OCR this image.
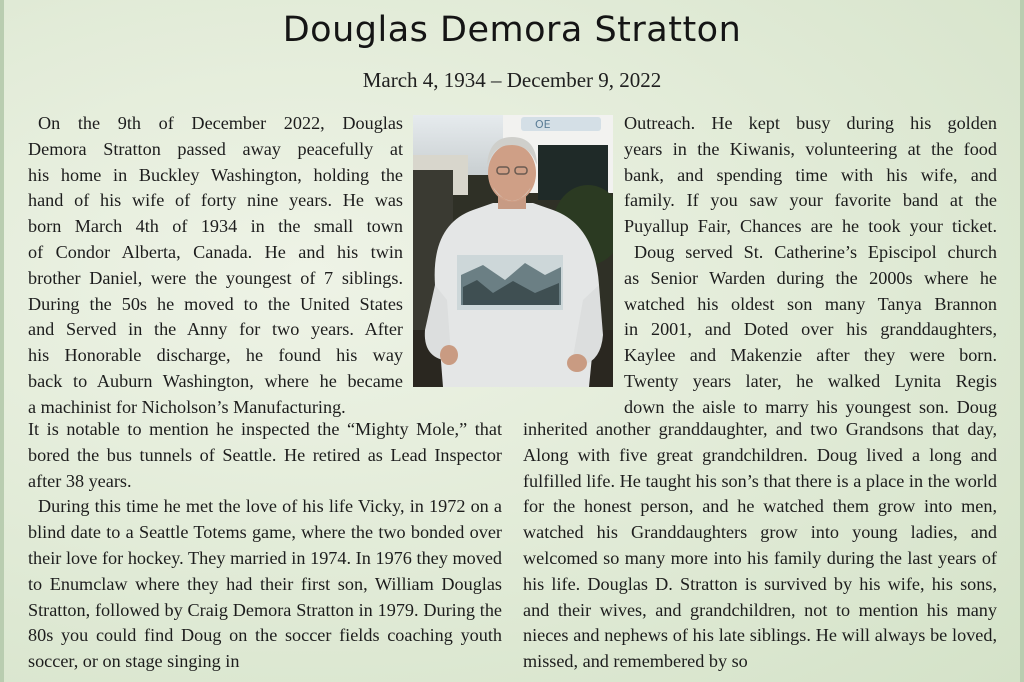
Douglas Demora Stratton
March 4, 1934 – December 9, 2022
On the 9th of December 2022, Douglas
Demora Stratton passed away peacefully at
his home in Buckley Washington, holding the
hand of his wife of forty nine years. He was
born March 4th of 1934 in the small town
of Condor Alberta, Canada. He and his twin
brother Daniel, were the youngest of 7 siblings.
During the 50s he moved to the United States
and Served in the Anny for two years. After
his Honorable discharge, he found his way
back to Auburn Washington, where he became
a machinist for Nicholson’s Manufacturing.
OE

It is notable to mention he inspected the “Mighty Mole,” that bored the bus tunnels of Seattle. He retired as Lead Inspector after 38 years.

During this time he met the love of his life Vicky, in 1972 on a blind date to a Seattle Totems game, where the two bonded over their love for hockey. They married in 1974. In 1976 they moved to Enumclaw where they had their first son, William Douglas Stratton, followed by Craig Demora Stratton in 1979. During the 80s you could find Doug on the soccer fields coaching youth soccer, or on stage singing in

Outreach. He kept busy during his golden
years in the Kiwanis, volunteering at the food
bank, and spending time with his wife, and
family. If you saw your favorite band at the
Puyallup Fair, Chances are he took your ticket.
Doug served St. Catherine’s Episcipol church
as Senior Warden during the 2000s where he
watched his oldest son many Tanya Brannon
in 2001, and Doted over his granddaughters,
Kaylee and Makenzie after they were born.
Twenty years later, he walked Lynita Regis
down the aisle to marry his youngest son. Doug

inherited another granddaughter, and two Grandsons that day, Along with five great grandchildren. Doug lived a long and fulfilled life. He taught his son’s that there is a place in the world for the honest person, and he watched them grow into men, watched his Granddaughters grow into young ladies, and welcomed so many more into his family during the last years of his life. Douglas D. Stratton is survived by his wife, his sons, and their wives, and grandchildren, not to mention his many nieces and nephews of his late siblings. He will always be loved, missed, and remembered by so
